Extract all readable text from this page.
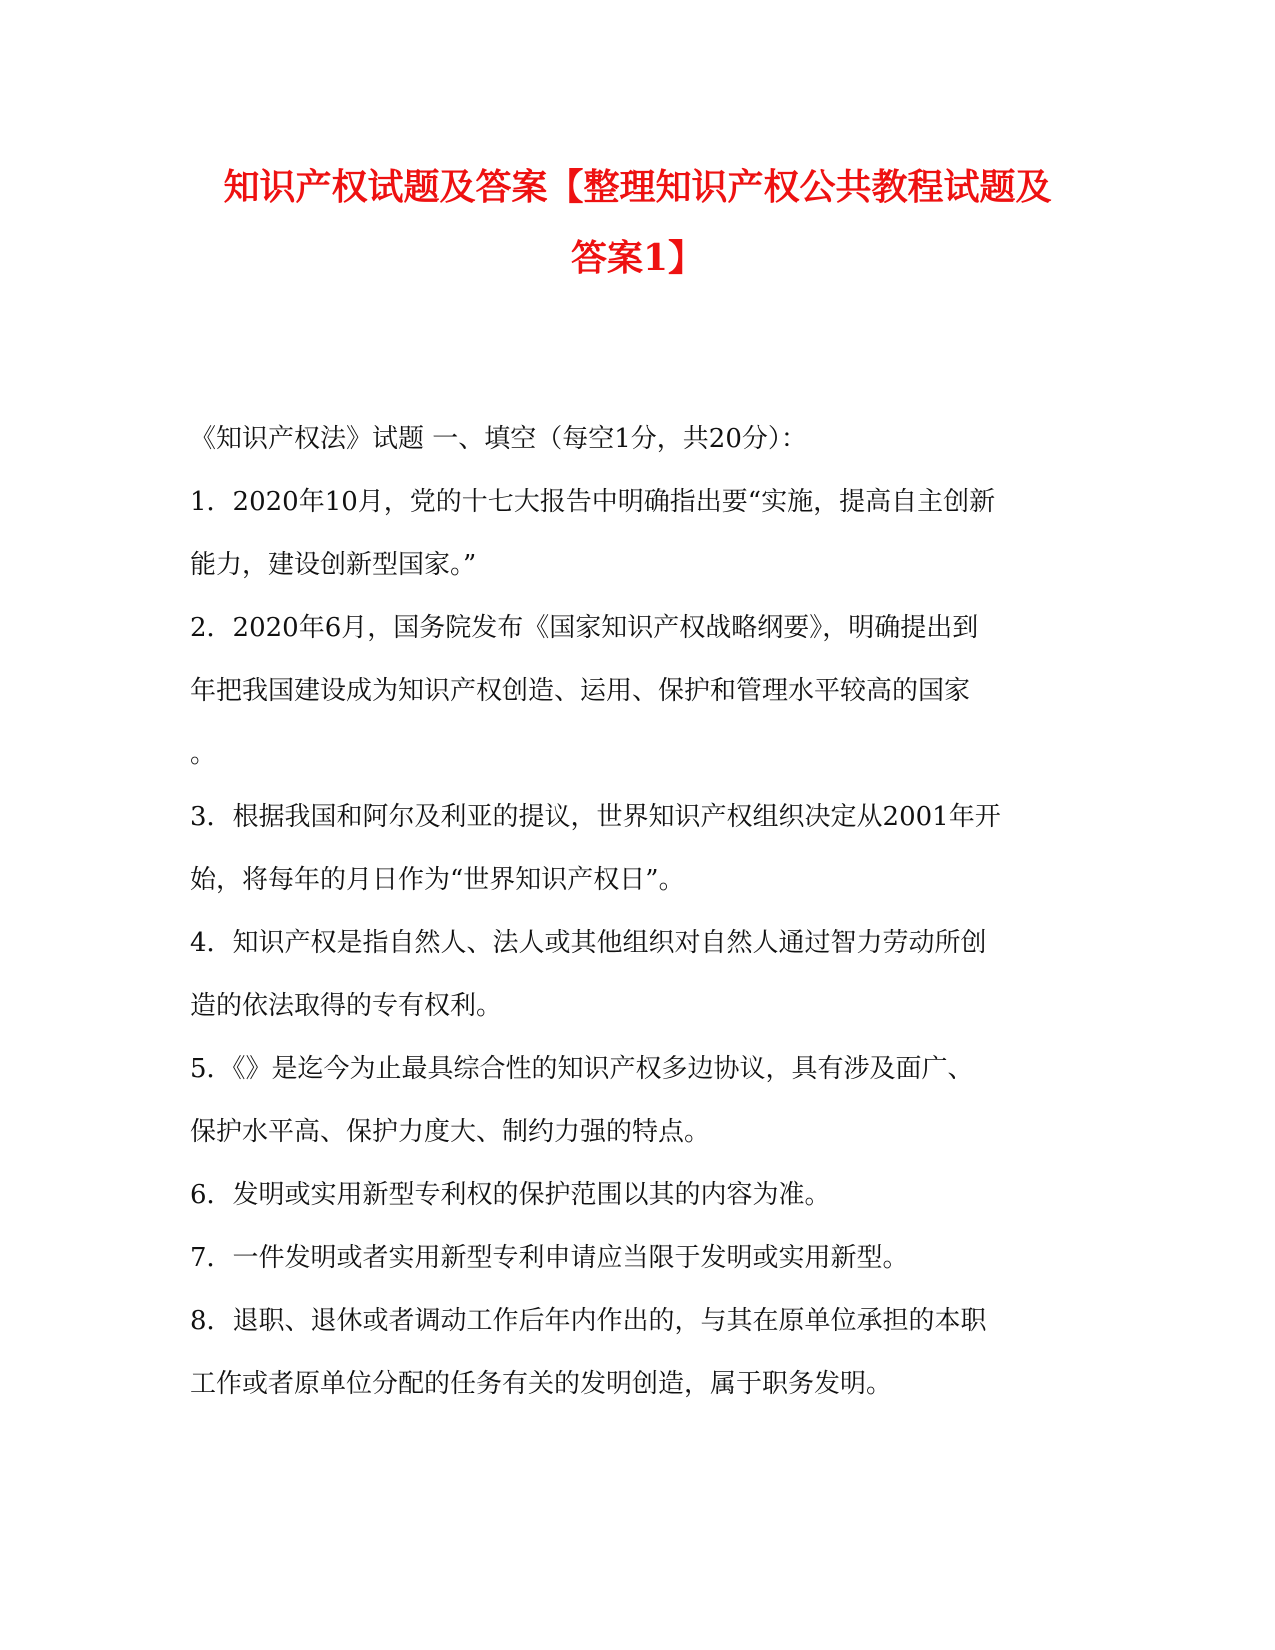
知识产权试题及答案【整理知识产权公共教程试题及
答案1】

《知识产权法》试题 一、填空（每空1分，共20分）：

1．2020年10月，党的十七大报告中明确指出要“实施，提高自主创新

能力，建设创新型国家。”

2．2020年6月，国务院发布《国家知识产权战略纲要》，明确提出到

年把我国建设成为知识产权创造、运用、保护和管理水平较高的国家

。

3．根据我国和阿尔及利亚的提议，世界知识产权组织决定从2001年开

始，将每年的月日作为“世界知识产权日”。

4．知识产权是指自然人、法人或其他组织对自然人通过智力劳动所创

造的依法取得的专有权利。

5．《》是迄今为止最具综合性的知识产权多边协议，具有涉及面广、

保护水平高、保护力度大、制约力强的特点。

6．发明或实用新型专利权的保护范围以其的内容为准。

7．一件发明或者实用新型专利申请应当限于发明或实用新型。

8．退职、退休或者调动工作后年内作出的，与其在原单位承担的本职

工作或者原单位分配的任务有关的发明创造，属于职务发明。
